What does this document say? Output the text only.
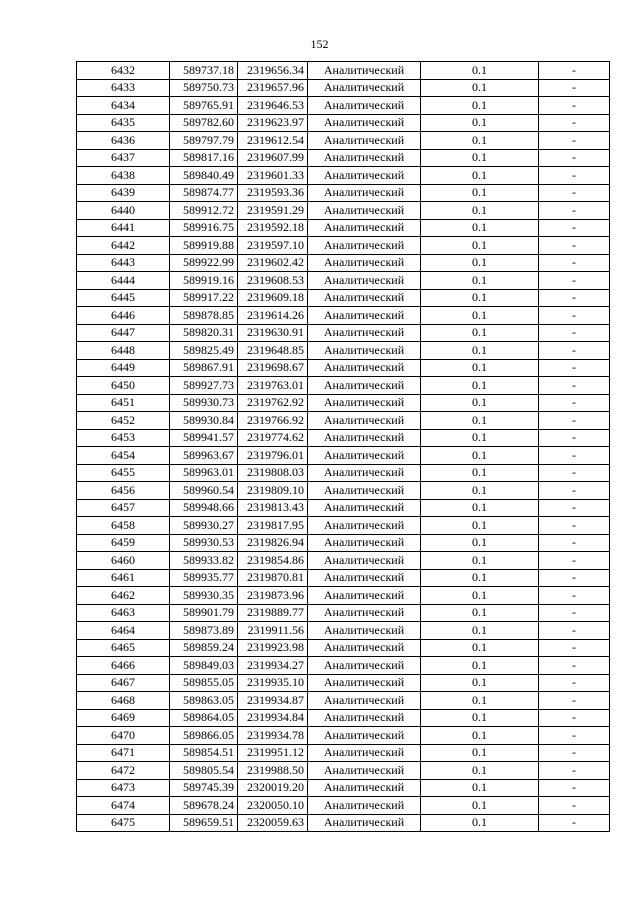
152
6432	589737.18	2319656.34	Аналитический	0.1	-
6433	589750.73	2319657.96	Аналитический	0.1	-
6434	589765.91	2319646.53	Аналитический	0.1	-
6435	589782.60	2319623.97	Аналитический	0.1	-
6436	589797.79	2319612.54	Аналитический	0.1	-
6437	589817.16	2319607.99	Аналитический	0.1	-
6438	589840.49	2319601.33	Аналитический	0.1	-
6439	589874.77	2319593.36	Аналитический	0.1	-
6440	589912.72	2319591.29	Аналитический	0.1	-
6441	589916.75	2319592.18	Аналитический	0.1	-
6442	589919.88	2319597.10	Аналитический	0.1	-
6443	589922.99	2319602.42	Аналитический	0.1	-
6444	589919.16	2319608.53	Аналитический	0.1	-
6445	589917.22	2319609.18	Аналитический	0.1	-
6446	589878.85	2319614.26	Аналитический	0.1	-
6447	589820.31	2319630.91	Аналитический	0.1	-
6448	589825.49	2319648.85	Аналитический	0.1	-
6449	589867.91	2319698.67	Аналитический	0.1	-
6450	589927.73	2319763.01	Аналитический	0.1	-
6451	589930.73	2319762.92	Аналитический	0.1	-
6452	589930.84	2319766.92	Аналитический	0.1	-
6453	589941.57	2319774.62	Аналитический	0.1	-
6454	589963.67	2319796.01	Аналитический	0.1	-
6455	589963.01	2319808.03	Аналитический	0.1	-
6456	589960.54	2319809.10	Аналитический	0.1	-
6457	589948.66	2319813.43	Аналитический	0.1	-
6458	589930.27	2319817.95	Аналитический	0.1	-
6459	589930.53	2319826.94	Аналитический	0.1	-
6460	589933.82	2319854.86	Аналитический	0.1	-
6461	589935.77	2319870.81	Аналитический	0.1	-
6462	589930.35	2319873.96	Аналитический	0.1	-
6463	589901.79	2319889.77	Аналитический	0.1	-
6464	589873.89	2319911.56	Аналитический	0.1	-
6465	589859.24	2319923.98	Аналитический	0.1	-
6466	589849.03	2319934.27	Аналитический	0.1	-
6467	589855.05	2319935.10	Аналитический	0.1	-
6468	589863.05	2319934.87	Аналитический	0.1	-
6469	589864.05	2319934.84	Аналитический	0.1	-
6470	589866.05	2319934.78	Аналитический	0.1	-
6471	589854.51	2319951.12	Аналитический	0.1	-
6472	589805.54	2319988.50	Аналитический	0.1	-
6473	589745.39	2320019.20	Аналитический	0.1	-
6474	589678.24	2320050.10	Аналитический	0.1	-
6475	589659.51	2320059.63	Аналитический	0.1	-
